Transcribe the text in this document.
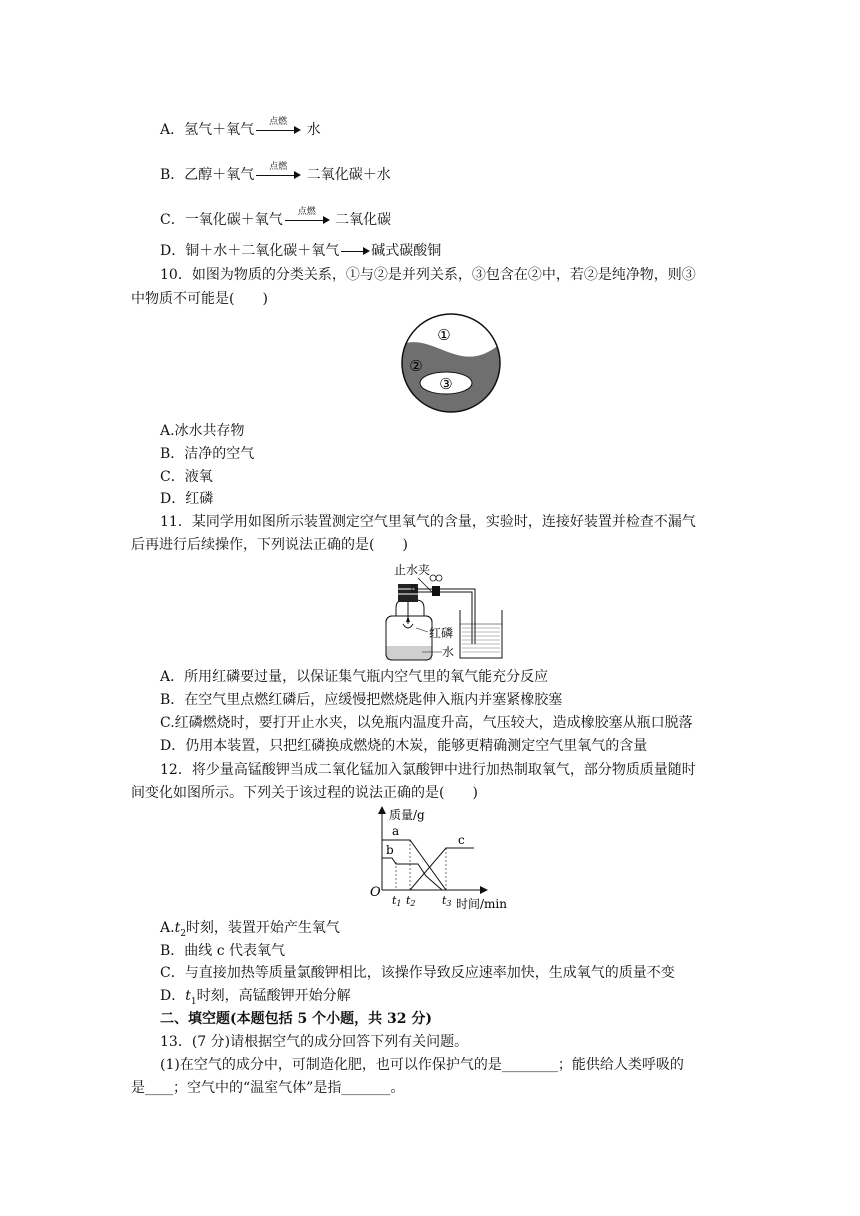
A．氢气＋氧气	点燃	水
B．乙醇＋氧气	点燃	二氧化碳＋水
C．一氧化碳＋氧气	点燃	二氧化碳
D．铜＋水＋二氧化碳＋氧气 碱式碳酸铜
10．如图为物质的分类关系，①与②是并列关系，③包含在②中，若②是纯净物，则③
中物质不可能是(　　)
①
②
③
A.冰水共存物
B．洁净的空气
C．液氧
D．红磷
11．某同学用如图所示装置测定空气里氧气的含量，实验时，连接好装置并检查不漏气
后再进行后续操作，下列说法正确的是(　　)
止水夹
红磷
水
A．所用红磷要过量，以保证集气瓶内空气里的氧气能充分反应
B．在空气里点燃红磷后，应缓慢把燃烧匙伸入瓶内并塞紧橡胶塞
C.红磷燃烧时，要打开止水夹，以免瓶内温度升高，气压较大，造成橡胶塞从瓶口脱落
D．仍用本装置，只把红磷换成燃烧的木炭，能够更精确测定空气里氧气的含量
12．将少量高锰酸钾当成二氧化锰加入氯酸钾中进行加热制取氧气，部分物质质量随时
间变化如图所示。下列关于该过程的说法正确的是(　　)
质量/g
O
a
b
c
t1 t2 t3 时间/min
$A.t_2$时刻，装置开始产生氧气
B．曲线 c 代表氧气
C．与直接加热等质量氯酸钾相比，该操作导致反应速率加快，生成氧气的质量不变
D．$t_1$时刻，高锰酸钾开始分解
二、填空题(本题包括 5 个小题，共 32 分)
13．(7 分)请根据空气的成分回答下列有关问题。
(1)在空气的成分中，可制造化肥，也可以作保护气的是________；能供给人类呼吸的
是____；空气中的“温室气体”是指_______。
